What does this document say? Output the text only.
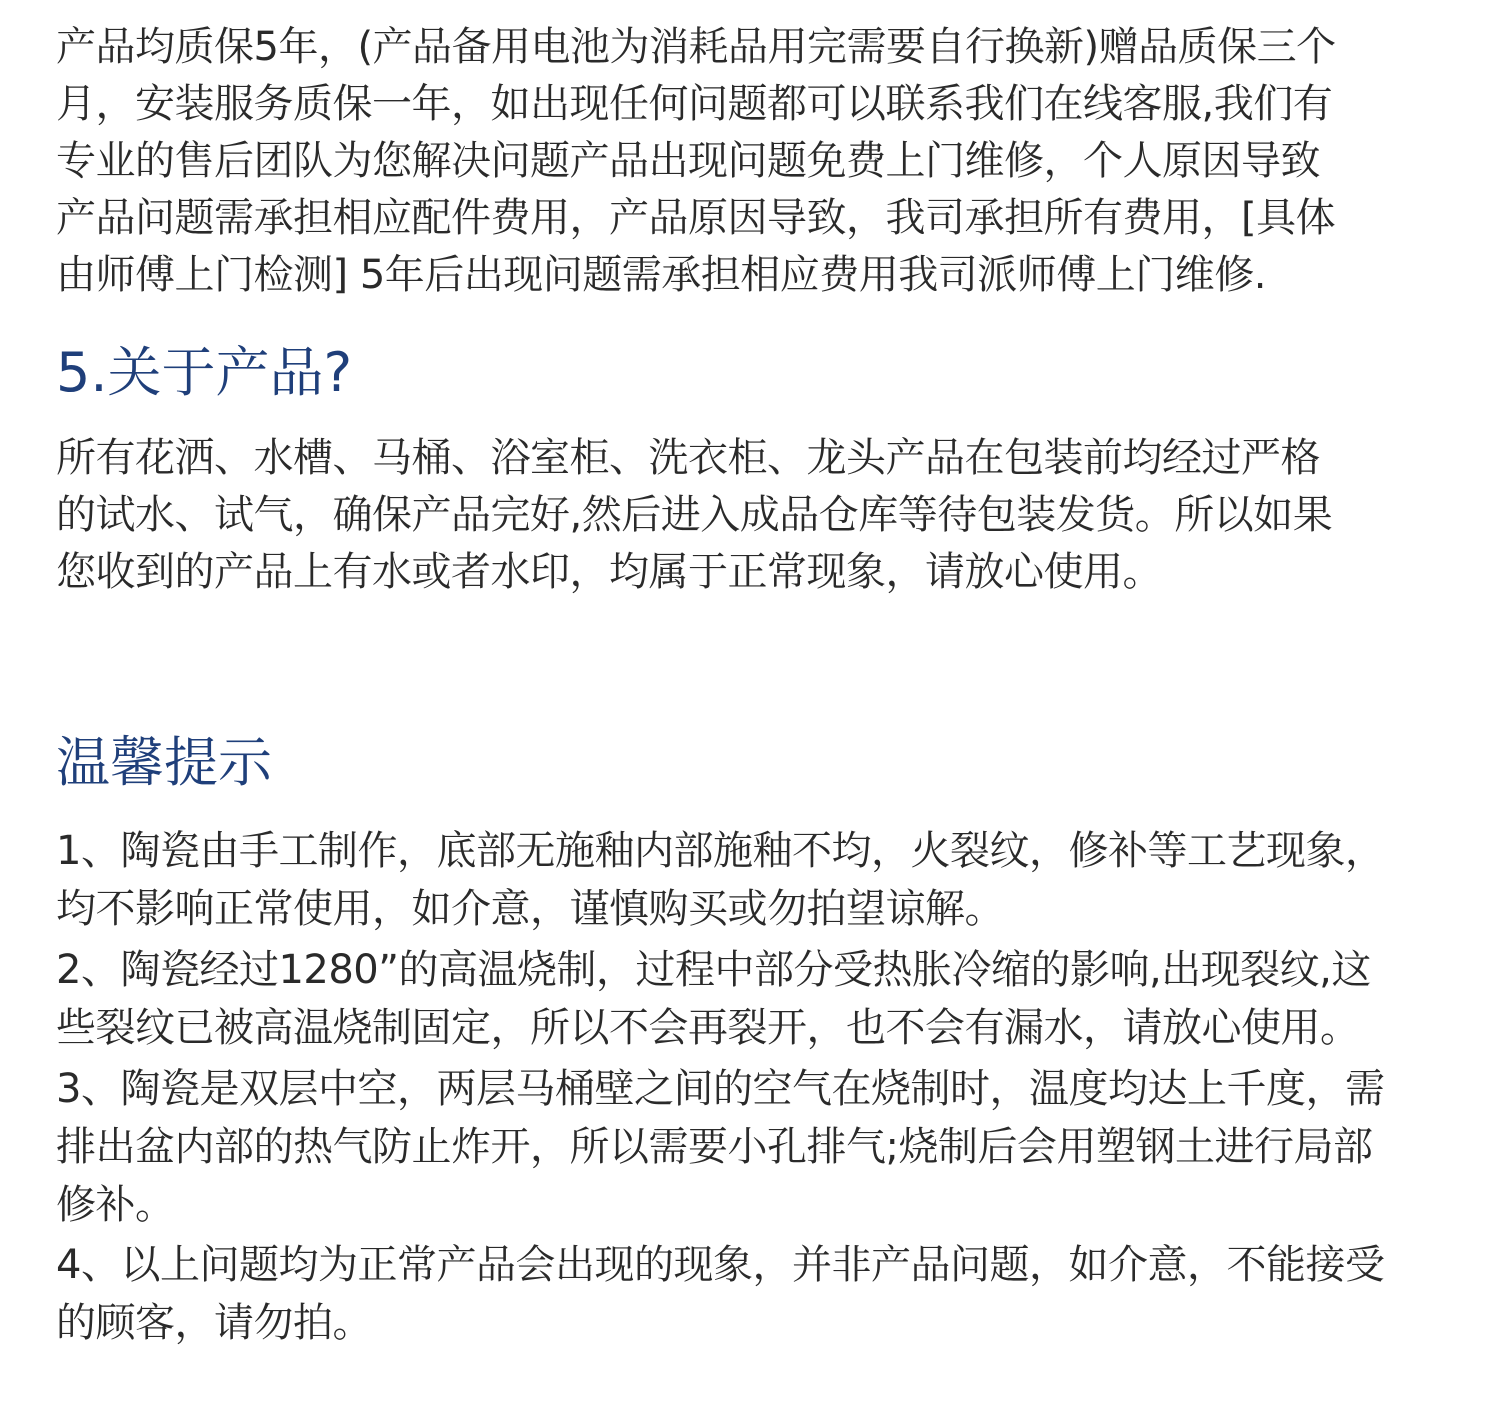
产品均质保5年，(产品备用电池为消耗品用完需要自行换新)赠品质保三个
月，安装服务质保一年，如出现任何问题都可以联系我们在线客服,我们有
专业的售后团队为您解决问题产品出现问题免费上门维修，个人原因导致
产品问题需承担相应配件费用，产品原因导致，我司承担所有费用，[具体
由师傅上门检测] 5年后出现问题需承担相应费用我司派师傅上门维修.
5.关于产品?
所有花洒、水槽、马桶、浴室柜、洗衣柜、龙头产品在包装前均经过严格
的试水、试气，确保产品完好,然后进入成品仓库等待包装发货。所以如果
您收到的产品上有水或者水印，均属于正常现象，请放心使用。
温馨提示
1、陶瓷由手工制作，底部无施釉内部施釉不均，火裂纹，修补等工艺现象，
均不影响正常使用，如介意，谨慎购买或勿拍望谅解。
2、陶瓷经过1280”的高温烧制，过程中部分受热胀冷缩的影响,出现裂纹,这
些裂纹已被高温烧制固定，所以不会再裂开，也不会有漏水，请放心使用。
3、陶瓷是双层中空，两层马桶壁之间的空气在烧制时，温度均达上千度，需
排出盆内部的热气防止炸开，所以需要小孔排气;烧制后会用塑钢土进行局部
修补。
4、以上问题均为正常产品会出现的现象，并非产品问题，如介意，不能接受
的顾客，请勿拍。
